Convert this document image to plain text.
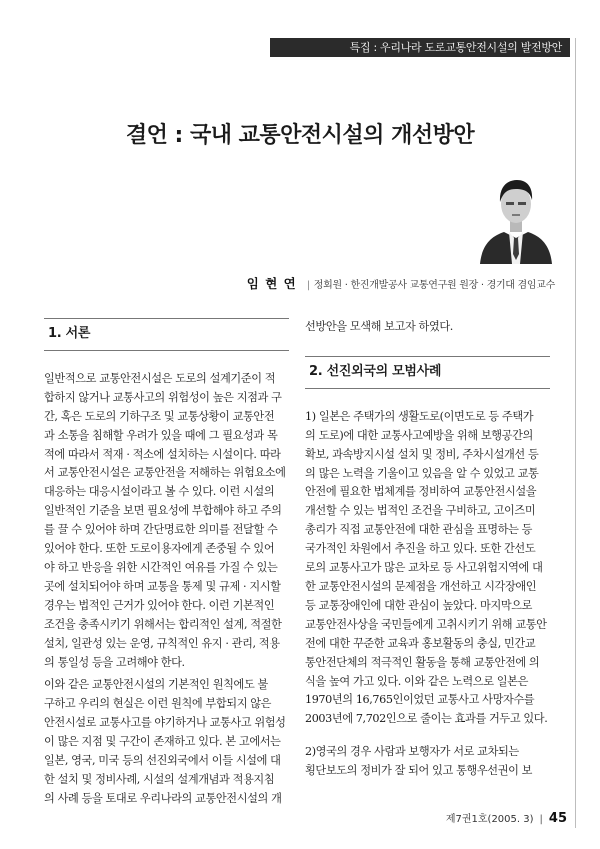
특집 : 우리나라 도로교통안전시설의 발전방안
결언 : 국내 교통안전시설의 개선방안
임 현 연 | 정회원 · 한진개발공사 교통연구원 원장 · 경기대 겸임교수
1. 서론

일반적으로 교통안전시설은 도로의 설계기준이 적
합하지 않거나 교통사고의 위험성이 높은 지점과 구
간, 혹은 도로의 기하구조 및 교통상황이 교통안전
과 소통을 침해할 우려가 있을 때에 그 필요성과 목
적에 따라서 적재 · 적소에 설치하는 시설이다. 따라
서 교통안전시설은 교통안전을 저해하는 위험요소에
대응하는 대응시설이라고 볼 수 있다. 이런 시설의
일반적인 기준을 보면 필요성에 부합해야 하고 주의
를 끌 수 있어야 하며 간단명료한 의미를 전달할 수
있어야 한다. 또한 도로이용자에게 존중될 수 있어
야 하고 반응을 위한 시간적인 여유를 가질 수 있는
곳에 설치되어야 하며 교통을 통제 및 규제 · 지시할
경우는 법적인 근거가 있어야 한다. 이런 기본적인
조건을 충족시키기 위해서는 합리적인 설계, 적절한
설치, 일관성 있는 운영, 규칙적인 유지 · 관리, 적용
의 통일성 등을 고려해야 한다.

이와 같은 교통안전시설의 기본적인 원칙에도 불
구하고 우리의 현실은 이런 원칙에 부합되지 않은
안전시설로 교통사고를 야기하거나 교통사고 위험성
이 많은 지점 및 구간이 존재하고 있다. 본 고에서는
일본, 영국, 미국 등의 선진외국에서 이들 시설에 대
한 설치 및 정비사례, 시설의 설계개념과 적용지침
의 사례 등을 토대로 우리나라의 교통안전시설의 개

선방안을 모색해 보고자 하였다.

2. 선진외국의 모범사례

1) 일본은 주택가의 생활도로(이면도로 등 주택가
의 도로)에 대한 교통사고예방을 위해 보행공간의
확보, 과속방지시설 설치 및 정비, 주차시설개선 등
의 많은 노력을 기울이고 있음을 알 수 있었고 교통
안전에 필요한 법체계를 정비하여 교통안전시설을
개선할 수 있는 법적인 조건을 구비하고, 고이즈미
총리가 직접 교통안전에 대한 관심을 표명하는 등
국가적인 차원에서 추진을 하고 있다. 또한 간선도
로의 교통사고가 많은 교차로 등 사고위험지역에 대
한 교통안전시설의 문제점을 개선하고 시각장애인
등 교통장애인에 대한 관심이 높았다. 마지막으로
교통안전사상을 국민들에게 고취시키기 위해 교통안
전에 대한 꾸준한 교육과 홍보활동의 충실, 민간교
통안전단체의 적극적인 활동을 통해 교통안전에 의
식을 높여 가고 있다. 이와 같은 노력으로 일본은
1970년의 16,765인이었던 교통사고 사망자수를
2003년에 7,702인으로 줄이는 효과를 거두고 있다.

2)영국의 경우 사람과 보행자가 서로 교차되는
횡단보도의 정비가 잘 되어 있고 통행우선권이 보

제7권1호(2005. 3) | 45
